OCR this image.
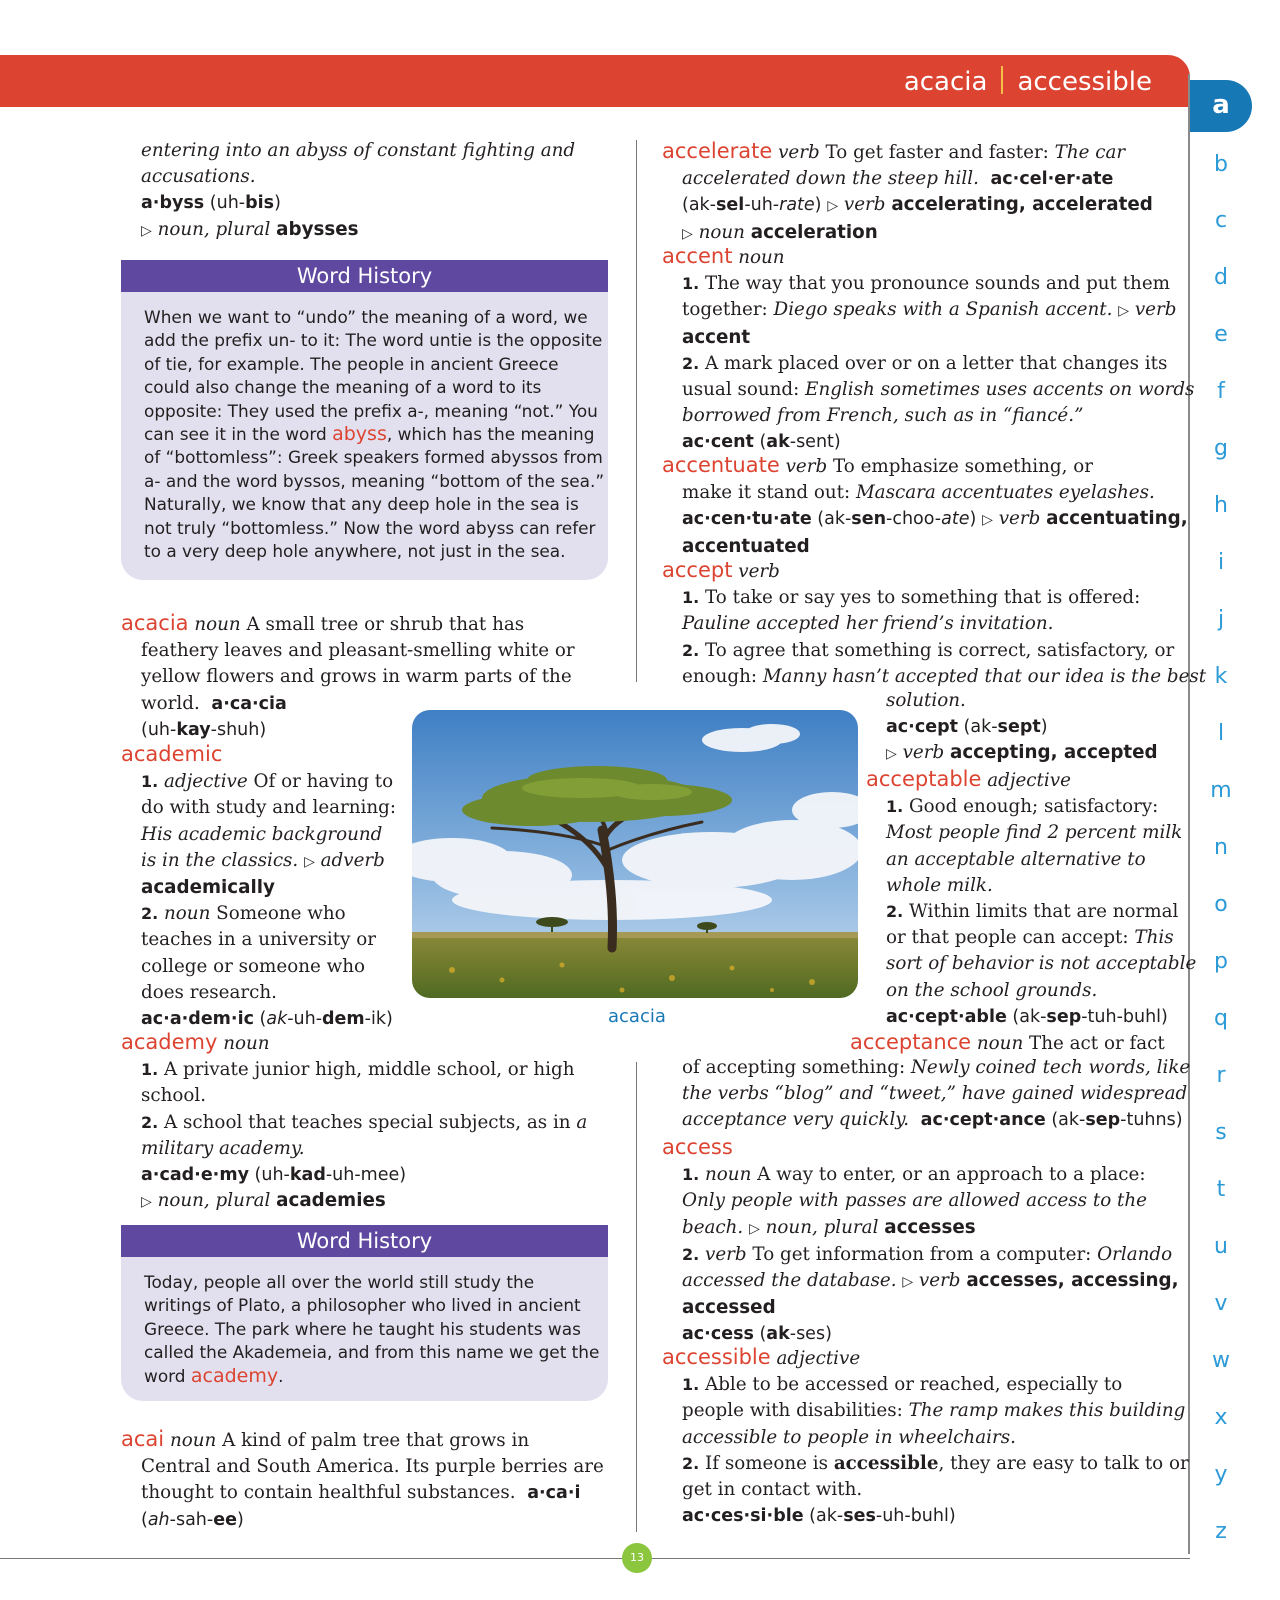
acacia accessible
a
b
c
d
e
f
g
h
i
j
k
l
m
n
o
p
q
r
s
t
u
v
w
x
y
z
entering into an abyss of constant fighting and
accusations.
a·byss (uh-bis)
▷ noun, plural abysses
Word History
When we want to “undo” the meaning of a word, we
add the prefix un- to it: The word untie is the opposite
of tie, for example. The people in ancient Greece
could also change the meaning of a word to its
opposite: They used the prefix a-, meaning “not.” You
can see it in the word abyss, which has the meaning
of “bottomless”: Greek speakers formed abyssos from
a- and the word byssos, meaning “bottom of the sea.”
Naturally, we know that any deep hole in the sea is
not truly “bottomless.” Now the word abyss can refer
to a very deep hole anywhere, not just in the sea.
acacia noun A small tree or shrub that has
feathery leaves and pleasant-smelling white or
yellow flowers and grows in warm parts of the
world.  a·ca·cia
(uh-kay-shuh)
academic
1. adjective Of or having to
do with study and learning:
His academic background
is in the classics. ▷ adverb
academically
2. noun Someone who
teaches in a university or
college or someone who
does research.
ac·a·dem·ic (ak-uh-dem-ik)
academy noun
1. A private junior high, middle school, or high
school.
2. A school that teaches special subjects, as in a
military academy.
a·cad·e·my (uh-kad-uh-mee)
▷ noun, plural academies
Word History
Today, people all over the world still study the
writings of Plato, a philosopher who lived in ancient
Greece. The park where he taught his students was
called the Akademeia, and from this name we get the
word academy.
acai noun A kind of palm tree that grows in
Central and South America. Its purple berries are
thought to contain healthful substances.  a·ca·i
(ah-sah-ee)
accelerate verb To get faster and faster: The car
accelerated down the steep hill. ac·cel·er·ate
(ak-sel-uh-rate) ▷ verb accelerating, accelerated
▷ noun acceleration
accent noun
1. The way that you pronounce sounds and put them
together: Diego speaks with a Spanish accent. ▷ verb
accent
2. A mark placed over or on a letter that changes its
usual sound: English sometimes uses accents on words
borrowed from French, such as in “fiancé.”
ac·cent (ak-sent)
accentuate verb To emphasize something, or
make it stand out: Mascara accentuates eyelashes.
ac·cen·tu·ate (ak-sen-choo-ate) ▷ verb accentuating,
accentuated
accept verb
1. To take or say yes to something that is offered:
Pauline accepted her friend’s invitation.
2. To agree that something is correct, satisfactory, or
enough: Manny hasn’t accepted that our idea is the best
solution.
ac·cept (ak-sept)
▷ verb accepting, accepted
acceptable adjective
1. Good enough; satisfactory:
Most people find 2 percent milk
an acceptable alternative to
whole milk.
2. Within limits that are normal
or that people can accept: This
sort of behavior is not acceptable
on the school grounds.
ac·cept·able (ak-sep-tuh-buhl)
acceptance noun The act or fact
of accepting something: Newly coined tech words, like
the verbs “blog” and “tweet,” have gained widespread
acceptance very quickly. ac·cept·ance (ak-sep-tuhns)
access
1. noun A way to enter, or an approach to a place:
Only people with passes are allowed access to the
beach. ▷ noun, plural accesses
2. verb To get information from a computer: Orlando
accessed the database. ▷ verb accesses, accessing,
accessed
ac·cess (ak-ses)
accessible adjective
1. Able to be accessed or reached, especially to
people with disabilities: The ramp makes this building
accessible to people in wheelchairs.
2. If someone is accessible, they are easy to talk to or
get in contact with.
ac·ces·si·ble (ak-ses-uh-buhl)
acacia
13
